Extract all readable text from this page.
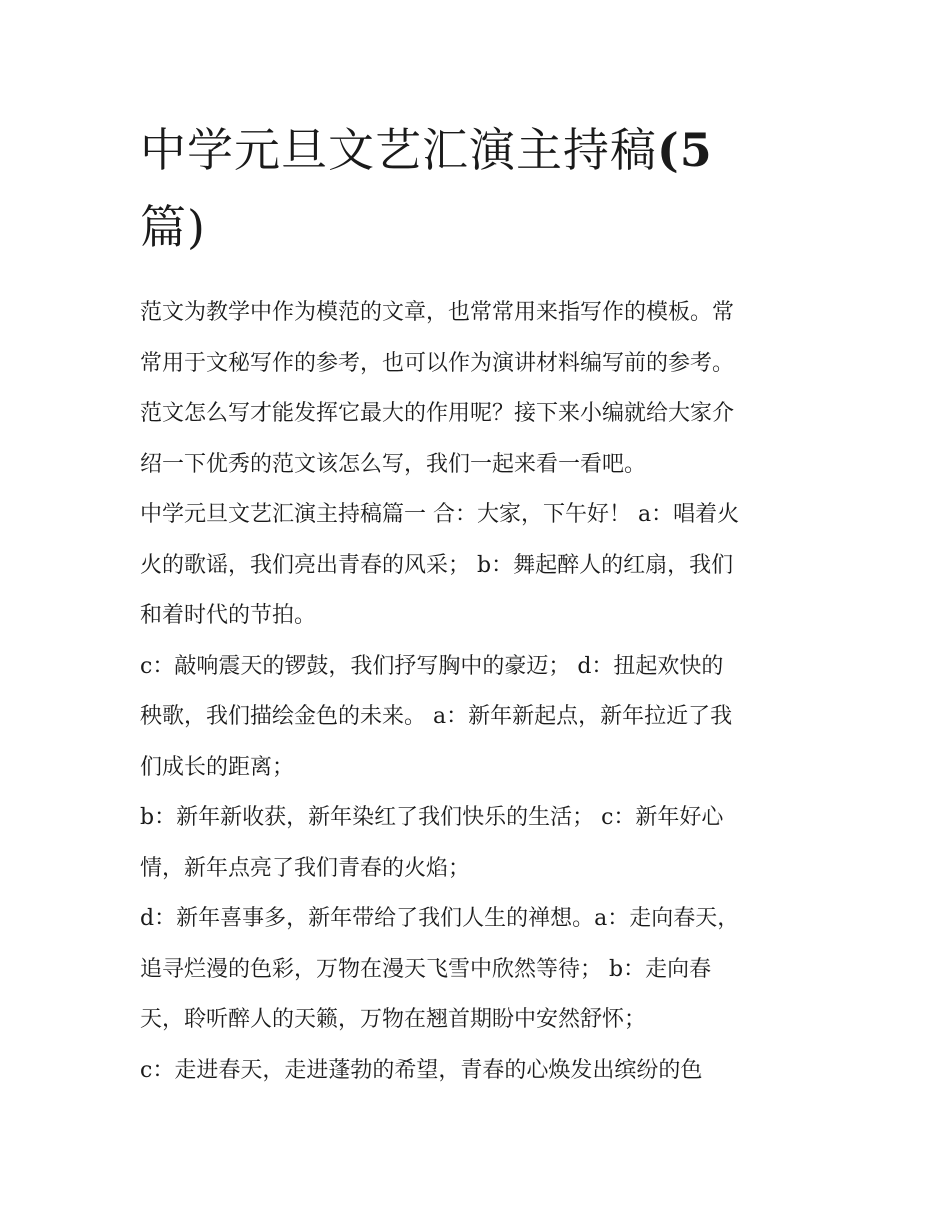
中学元旦文艺汇演主持稿(5
篇)

范文为教学中作为模范的文章，也常常用来指写作的模板。常
常用于文秘写作的参考，也可以作为演讲材料编写前的参考。
范文怎么写才能发挥它最大的作用呢？接下来小编就给大家介
绍一下优秀的范文该怎么写，我们一起来看一看吧。

中学元旦文艺汇演主持稿篇一 合：大家，下午好！ a：唱着火
火的歌谣，我们亮出青春的风采； b：舞起醉人的红扇，我们
和着时代的节拍。

c：敲响震天的锣鼓，我们抒写胸中的豪迈； d：扭起欢快的
秧歌，我们描绘金色的未来。 a：新年新起点，新年拉近了我
们成长的距离；

b：新年新收获，新年染红了我们快乐的生活； c：新年好心
情，新年点亮了我们青春的火焰；

d：新年喜事多，新年带给了我们人生的禅想。a：走向春天，
追寻烂漫的色彩，万物在漫天飞雪中欣然等待； b：走向春
天，聆听醉人的天籁，万物在翘首期盼中安然舒怀；

c：走进春天，走进蓬勃的希望，青春的心焕发出缤纷的色
